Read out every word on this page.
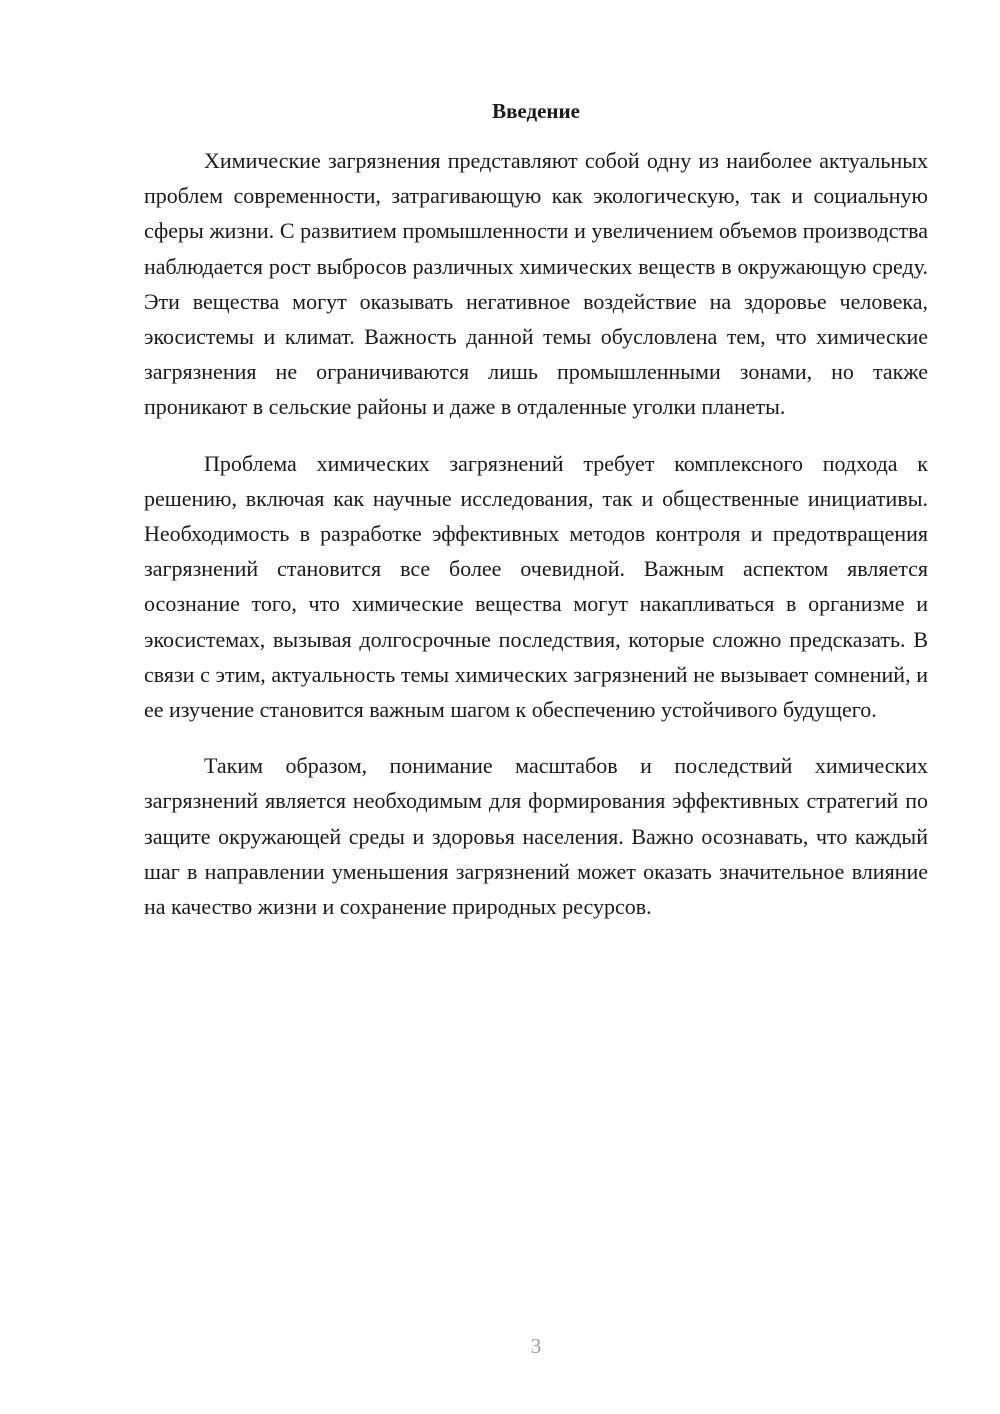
Введение

Химические загрязнения представляют собой одну из наиболее актуальных проблем современности, затрагивающую как экологическую, так и социальную сферы жизни. С развитием промышленности и увеличением объемов производства наблюдается рост выбросов различных химических веществ в окружающую среду. Эти вещества могут оказывать негативное воздействие на здоровье человека, экосистемы и климат. Важность данной темы обусловлена тем, что химические загрязнения не ограничиваются лишь промышленными зонами, но также проникают в сельские районы и даже в отдаленные уголки планеты.

Проблема химических загрязнений требует комплексного подхода к решению, включая как научные исследования, так и общественные инициативы. Необходимость в разработке эффективных методов контроля и предотвращения загрязнений становится все более очевидной. Важным аспектом является осознание того, что химические вещества могут накапливаться в организме и экосистемах, вызывая долгосрочные последствия, которые сложно предсказать. В связи с этим, актуальность темы химических загрязнений не вызывает сомнений, и ее изучение становится важным шагом к обеспечению устойчивого будущего.

Таким образом, понимание масштабов и последствий химических загрязнений является необходимым для формирования эффективных стратегий по защите окружающей среды и здоровья населения. Важно осознавать, что каждый шаг в направлении уменьшения загрязнений может оказать значительное влияние на качество жизни и сохранение природных ресурсов.

3
